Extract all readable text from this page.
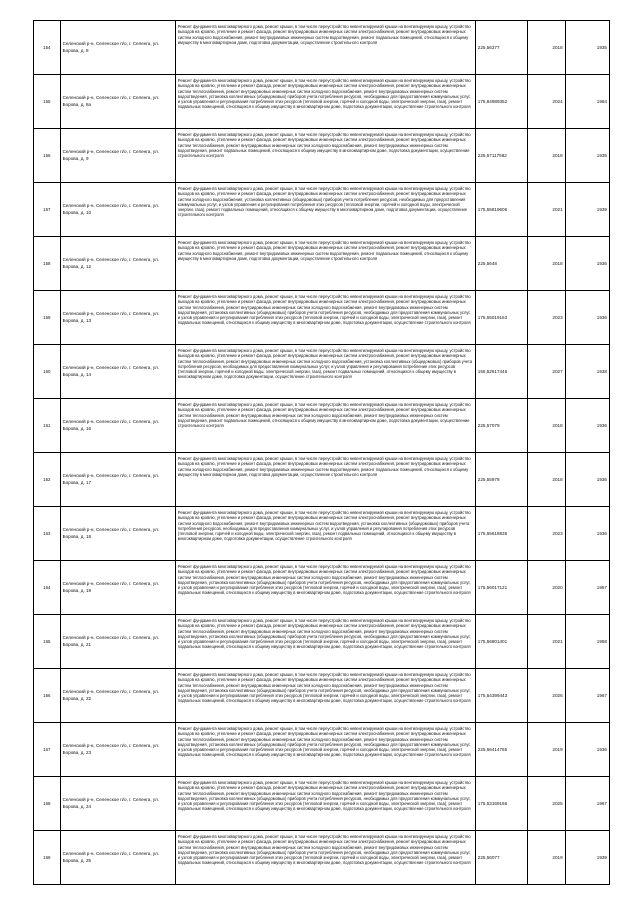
154	Селенский р-н, Селенское п/о, г. Селенга, ул. Борова, д. 8	Ремонт фундамента многоквартирного дома, ремонт крыши, в том числе переустройство невентилируемой крыши на вентилируемую крышу, устройство выходов на кровлю, утепление и ремонт фасада, ремонт внутридомовых инженерных систем электроснабжения, ремонт внутридомовых инженерных систем холодного водоснабжения, ремонт внутридомовых инженерных систем водоотведения, ремонт подвальных помещений, относящихся к общему имуществу в многоквартирном доме, подготовка документации, осуществление строительного контроля	225,56377	2018	1935
155	Селенский р-н, Селенское п/о, г. Селенга, ул. Борова, д. 8а	Ремонт фундамента многоквартирного дома, ремонт крыши, в том числе переустройство невентилируемой крыши на вентилируемую крышу, устройство выходов на кровлю, утепление и ремонт фасада, ремонт внутридомовых инженерных систем электроснабжения, ремонт внутридомовых инженерных систем теплоснабжения, ремонт внутридомовых инженерных систем холодного водоснабжения, ремонт внутридомовых инженерных систем водоотведения, установка коллективных (общедомовых) приборов учета потребления ресурсов, необходимых для предоставления коммунальных услуг, и узлов управления и регулирования потребления этих ресурсов (тепловой энергии, горячей и холодной воды, электрической энергии, газа), ремонт подвальных помещений, относящихся к общему имуществу в многоквартирном доме, подготовка документации, осуществление строительного контроля	175,84989352	2024	1964
156	Селенский р-н, Селенское п/о, г. Селенга, ул. Борова, д. 9	Ремонт фундамента многоквартирного дома, ремонт крыши, в том числе переустройство невентилируемой крыши на вентилируемую крышу, устройство выходов на кровлю, утепление и ремонт фасада, ремонт внутридомовых инженерных систем электроснабжения, ремонт внутридомовых инженерных систем теплоснабжения, ремонт внутридомовых инженерных систем холодного водоснабжения, ремонт внутридомовых инженерных систем водоотведения, ремонт подвальных помещений, относящихся к общему имуществу в многоквартирном доме, подготовка документации, осуществление строительного контроля	225,57117582	2018	1935
157	Селенский р-н, Селенское п/о, г. Селенга, ул. Борова, д. 10	Ремонт фундамента многоквартирного дома, ремонт крыши, в том числе переустройство невентилируемой крыши на вентилируемую крышу, устройство выходов на кровлю, утепление и ремонт фасада, ремонт внутридомовых инженерных систем электроснабжения, ремонт внутридомовых инженерных систем холодного водоснабжения, установка коллективных (общедомовых) приборов учета потребления ресурсов, необходимых для предоставления коммунальных услуг, и узлов управления и регулирования потребления этих ресурсов (тепловой энергии, горячей и холодной воды, электрической энергии, газа), ремонт подвальных помещений, относящихся к общему имуществу в многоквартирном доме, подготовка документации, осуществление строительного контроля	175,55819606	2021	1939
158	Селенский р-н, Селенское п/о, г. Селенга, ул. Борова, д. 12	Ремонт фундамента многоквартирного дома, ремонт крыши, в том числе переустройство невентилируемой крыши на вентилируемую крышу, устройство выходов на кровлю, утепление и ремонт фасада, ремонт внутридомовых инженерных систем электроснабжения, ремонт внутридомовых инженерных систем холодного водоснабжения, ремонт внутридомовых инженерных систем водоотведения, ремонт подвальных помещений, относящихся к общему имуществу в многоквартирном доме, подготовка документации, осуществление строительного контроля	225,5648	2018	1936
159	Селенский р-н, Селенское п/о, г. Селенга, ул. Борова, д. 13	Ремонт фундамента многоквартирного дома, ремонт крыши, в том числе переустройство невентилируемой крыши на вентилируемую крышу, устройство выходов на кровлю, утепление и ремонт фасада, ремонт внутридомовых инженерных систем электроснабжения, ремонт внутридомовых инженерных систем теплоснабжения, ремонт внутридомовых инженерных систем холодного водоснабжения, ремонт внутридомовых инженерных систем водоотведения, установка коллективных (общедомовых) приборов учета потребления ресурсов, необходимых для предоставления коммунальных услуг, и узлов управления и регулирования потребления этих ресурсов (тепловой энергии, горячей и холодной воды, электрической энергии, газа), ремонт подвальных помещений, относящихся к общему имуществу в многоквартирном доме, подготовка документации, осуществление строительного контроля	175,55019153	2023	1936
160	Селенский р-н, Селенское п/о, г. Селенга, ул. Борова, д. 14	Ремонт фундамента многоквартирного дома, ремонт крыши, в том числе переустройство невентилируемой крыши на вентилируемую крышу, устройство выходов на кровлю, утепление и ремонт фасада, ремонт внутридомовых инженерных систем электроснабжения, ремонт внутридомовых инженерных систем теплоснабжения, ремонт внутридомовых инженерных систем холодного водоснабжения, установка коллективных (общедомовых) приборов учета потребления ресурсов, необходимых для предоставления коммунальных услуг, и узлов управления и регулирования потребления этих ресурсов (тепловой энергии, горячей и холодной воды, электрической энергии, газа), ремонт подвальных помещений, относящихся к общему имуществу в многоквартирном доме, подготовка документации, осуществление строительного контроля	155,52617446	2027	1938
161	Селенский р-н, Селенское п/о, г. Селенга, ул. Борова, д. 16	Ремонт фундамента многоквартирного дома, ремонт крыши, в том числе переустройство невентилируемой крыши на вентилируемую крышу, устройство выходов на кровлю, утепление и ремонт фасада, ремонт внутридомовых инженерных систем электроснабжения, ремонт внутридомовых инженерных систем теплоснабжения, ремонт внутридомовых инженерных систем холодного водоснабжения, ремонт внутридомовых инженерных систем водоотведения, ремонт подвальных помещений, относящихся к общему имуществу в многоквартирном доме, подготовка документации, осуществление строительного контроля	225,57079	2018	1936
162	Селенский р-н, Селенское п/о, г. Селенга, ул. Борова, д. 17	Ремонт фундамента многоквартирного дома, ремонт крыши, в том числе переустройство невентилируемой крыши на вентилируемую крышу, устройство выходов на кровлю, утепление и ремонт фасада, ремонт внутридомовых инженерных систем электроснабжения, ремонт внутридомовых инженерных систем холодного водоснабжения, ремонт внутридомовых инженерных систем водоотведения, ремонт подвальных помещений, относящихся к общему имуществу в многоквартирном доме, подготовка документации, осуществление строительного контроля	225,55978	2018	1936
163	Селенский р-н, Селенское п/о, г. Селенга, ул. Борова, д. 18	Ремонт фундамента многоквартирного дома, ремонт крыши, в том числе переустройство невентилируемой крыши на вентилируемую крышу, устройство выходов на кровлю, утепление и ремонт фасада, ремонт внутридомовых инженерных систем электроснабжения, ремонт внутридомовых инженерных систем холодного водоснабжения, ремонт внутридомовых инженерных систем водоотведения, установка коллективных (общедомовых) приборов учета потребления ресурсов, необходимых для предоставления коммунальных услуг, и узлов управления и регулирования потребления этих ресурсов (тепловой энергии, горячей и холодной воды, электрической энергии, газа), ремонт подвальных помещений, относящихся к общему имуществу в многоквартирном доме, подготовка документации, осуществление строительного контроля	175,55618836	2023	1936
164	Селенский р-н, Селенское п/о, г. Селенга, ул. Борова, д. 19	Ремонт фундамента многоквартирного дома, ремонт крыши, в том числе переустройство невентилируемой крыши на вентилируемую крышу, устройство выходов на кровлю, утепление и ремонт фасада, ремонт внутридомовых инженерных систем электроснабжения, ремонт внутридомовых инженерных систем теплоснабжения, ремонт внутридомовых инженерных систем холодного водоснабжения, ремонт внутридомовых инженерных систем водоотведения, установка коллективных (общедомовых) приборов учета потребления ресурсов, необходимых для предоставления коммунальных услуг, и узлов управления и регулирования потребления этих ресурсов (тепловой энергии, горячей и холодной воды, электрической энергии, газа), ремонт подвальных помещений, относящихся к общему имуществу в многоквартирном доме, подготовка документации, осуществление строительного контроля	175,56017121	2020	1957
165	Селенский р-н, Селенское п/о, г. Селенга, ул. Борова, д. 21	Ремонт фундамента многоквартирного дома, ремонт крыши, в том числе переустройство невентилируемой крыши на вентилируемую крышу, устройство выходов на кровлю, утепление и ремонт фасада, ремонт внутридомовых инженерных систем электроснабжения, ремонт внутридомовых инженерных систем теплоснабжения, ремонт внутридомовых инженерных систем холодного водоснабжения, ремонт внутридомовых инженерных систем водоотведения, установка коллективных (общедомовых) приборов учета потребления ресурсов, необходимых для предоставления коммунальных услуг, и узлов управления и регулирования потребления этих ресурсов (тепловой энергии, горячей и холодной воды, электрической энергии, газа), ремонт подвальных помещений, относящихся к общему имуществу в многоквартирном доме, подготовка документации, осуществление строительного контроля	175,56801401	2021	1958
166	Селенский р-н, Селенское п/о, г. Селенга, ул. Борова, д. 22	Ремонт фундамента многоквартирного дома, ремонт крыши, в том числе переустройство невентилируемой крыши на вентилируемую крышу, устройство выходов на кровлю, утепление и ремонт фасада, ремонт внутридомовых инженерных систем электроснабжения, ремонт внутридомовых инженерных систем теплоснабжения, ремонт внутридомовых инженерных систем холодного водоснабжения, ремонт внутридомовых инженерных систем водоотведения, установка коллективных (общедомовых) приборов учета потребления ресурсов, необходимых для предоставления коммунальных услуг, и узлов управления и регулирования потребления этих ресурсов (тепловой энергии, горячей и холодной воды, электрической энергии, газа), ремонт подвальных помещений, относящихся к общему имуществу в многоквартирном доме, подготовка документации, осуществление строительного контроля	175,54399443	2026	1967
167	Селенский р-н, Селенское п/о, г. Селенга, ул. Борова, д. 23	Ремонт фундамента многоквартирного дома, ремонт крыши, в том числе переустройство невентилируемой крыши на вентилируемую крышу, устройство выходов на кровлю, утепление и ремонт фасада, ремонт внутридомовых инженерных систем электроснабжения, ремонт внутридомовых инженерных систем теплоснабжения, ремонт внутридомовых инженерных систем холодного водоснабжения, ремонт внутридомовых инженерных систем водоотведения, установка коллективных (общедомовых) приборов учета потребления ресурсов, необходимых для предоставления коммунальных услуг, и узлов управления и регулирования потребления этих ресурсов (тепловой энергии, горячей и холодной воды, электрической энергии, газа), ремонт подвальных помещений, относящихся к общему имуществу в многоквартирном доме, подготовка документации, осуществление строительного контроля	225,56414765	2019	1936
168	Селенский р-н, Селенское п/о, г. Селенга, ул. Борова, д. 24	Ремонт фундамента многоквартирного дома, ремонт крыши, в том числе переустройство невентилируемой крыши на вентилируемую крышу, устройство выходов на кровлю, утепление и ремонт фасада, ремонт внутридомовых инженерных систем электроснабжения, ремонт внутридомовых инженерных систем теплоснабжения, ремонт внутридомовых инженерных систем холодного водоснабжения, ремонт внутридомовых инженерных систем водоотведения, установка коллективных (общедомовых) приборов учета потребления ресурсов, необходимых для предоставления коммунальных услуг, и узлов управления и регулирования потребления этих ресурсов (тепловой энергии, горячей и холодной воды, электрической энергии, газа), ремонт подвальных помещений, относящихся к общему имуществу в многоквартирном доме, подготовка документации, осуществление строительного контроля	175,53169166	2025	1967
169	Селенский р-н, Селенское п/о, г. Селенга, ул. Борова, д. 25	Ремонт фундамента многоквартирного дома, ремонт крыши, в том числе переустройство невентилируемой крыши на вентилируемую крышу, устройство выходов на кровлю, утепление и ремонт фасада, ремонт внутридомовых инженерных систем электроснабжения, ремонт внутридомовых инженерных систем теплоснабжения, ремонт внутридомовых инженерных систем холодного водоснабжения, ремонт внутридомовых инженерных систем водоотведения, установка коллективных (общедомовых) приборов учета потребления ресурсов, необходимых для предоставления коммунальных услуг, и узлов управления и регулирования потребления этих ресурсов (тепловой энергии, горячей и холодной воды, электрической энергии, газа), ремонт подвальных помещений, относящихся к общему имуществу в многоквартирном доме, подготовка документации, осуществление строительного контроля	225,56077	2019	1939
